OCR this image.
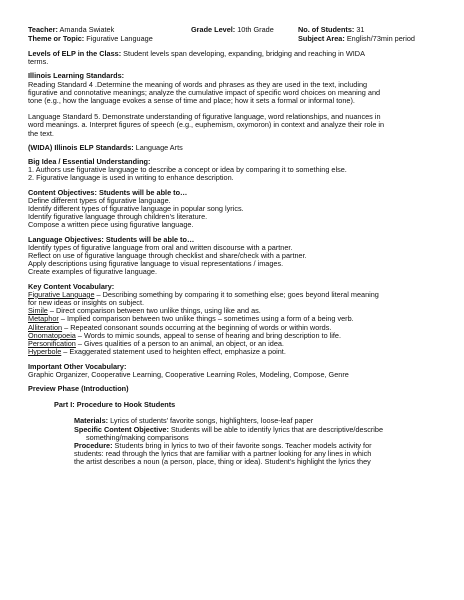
Teacher: Amanda Swiatek	Grade Level: 10th Grade	No. of Students: 31
Theme or Topic: Figurative Language	Subject Area: English/73min period

Levels of ELP in the Class: Student levels span developing, expanding, bridging and reaching in WIDA

terms.

Illinois Learning Standards:

Reading Standard 4 .Determine the meaning of words and phrases as they are used in the text, including

figurative and connotative meanings; analyze the cumulative impact of specific word choices on meaning and

tone (e.g., how the language evokes a sense of time and place; how it sets a formal or informal tone).

Language Standard 5. Demonstrate understanding of figurative language, word relationships, and nuances in

word meanings. a. Interpret figures of speech (e.g., euphemism, oxymoron) in context and analyze their role in

the text.

(WIDA) Illinois ELP Standards: Language Arts

Big Idea / Essential Understanding:

1. Authors use figurative language to describe a concept or idea by comparing it to something else.

2. Figurative language is used in writing to enhance description.

Content Objectives: Students will be able to…

Define different types of figurative language.

Identify different types of figurative language in popular song lyrics.

Identify figurative language through children’s literature.

Compose a written piece using figurative language.

Language Objectives: Students will be able to…

Identify types of figurative language from oral and written discourse with a partner.

Reflect on use of figurative language through checklist and share/check with a partner.

Apply descriptions using figurative language to visual representations / images.

Create examples of figurative language.

Key Content Vocabulary:

Figurative Language – Describing something by comparing it to something else; goes beyond literal meaning

for new ideas or insights on subject.

Simile – Direct comparison between two unlike things, using like and as.

Metaphor – Implied comparison between two unlike things – sometimes using a form of a being verb.

Alliteration – Repeated consonant sounds occurring at the beginning of words or within words.

Onomatopoeia – Words to mimic sounds, appeal to sense of hearing and bring description to life.

Personification – Gives qualities of a person to an animal, an object, or an idea.

Hyperbole – Exaggerated statement used to heighten effect, emphasize a point.

Important Other Vocabulary:

Graphic Organizer, Cooperative Learning, Cooperative Learning Roles, Modeling, Compose, Genre

Preview Phase (Introduction)

Part I: Procedure to Hook Students

Materials: Lyrics of students’ favorite songs, highlighters, loose-leaf paper

Specific Content Objective: Students will be able to identify lyrics that are descriptive/describe

something/making comparisons

Procedure: Students bring in lyrics to two of their favorite songs. Teacher models activity for

students: read through the lyrics that are familiar with a partner looking for any lines in which

the artist describes a noun (a person, place, thing or idea). Student’s highlight the lyrics they
